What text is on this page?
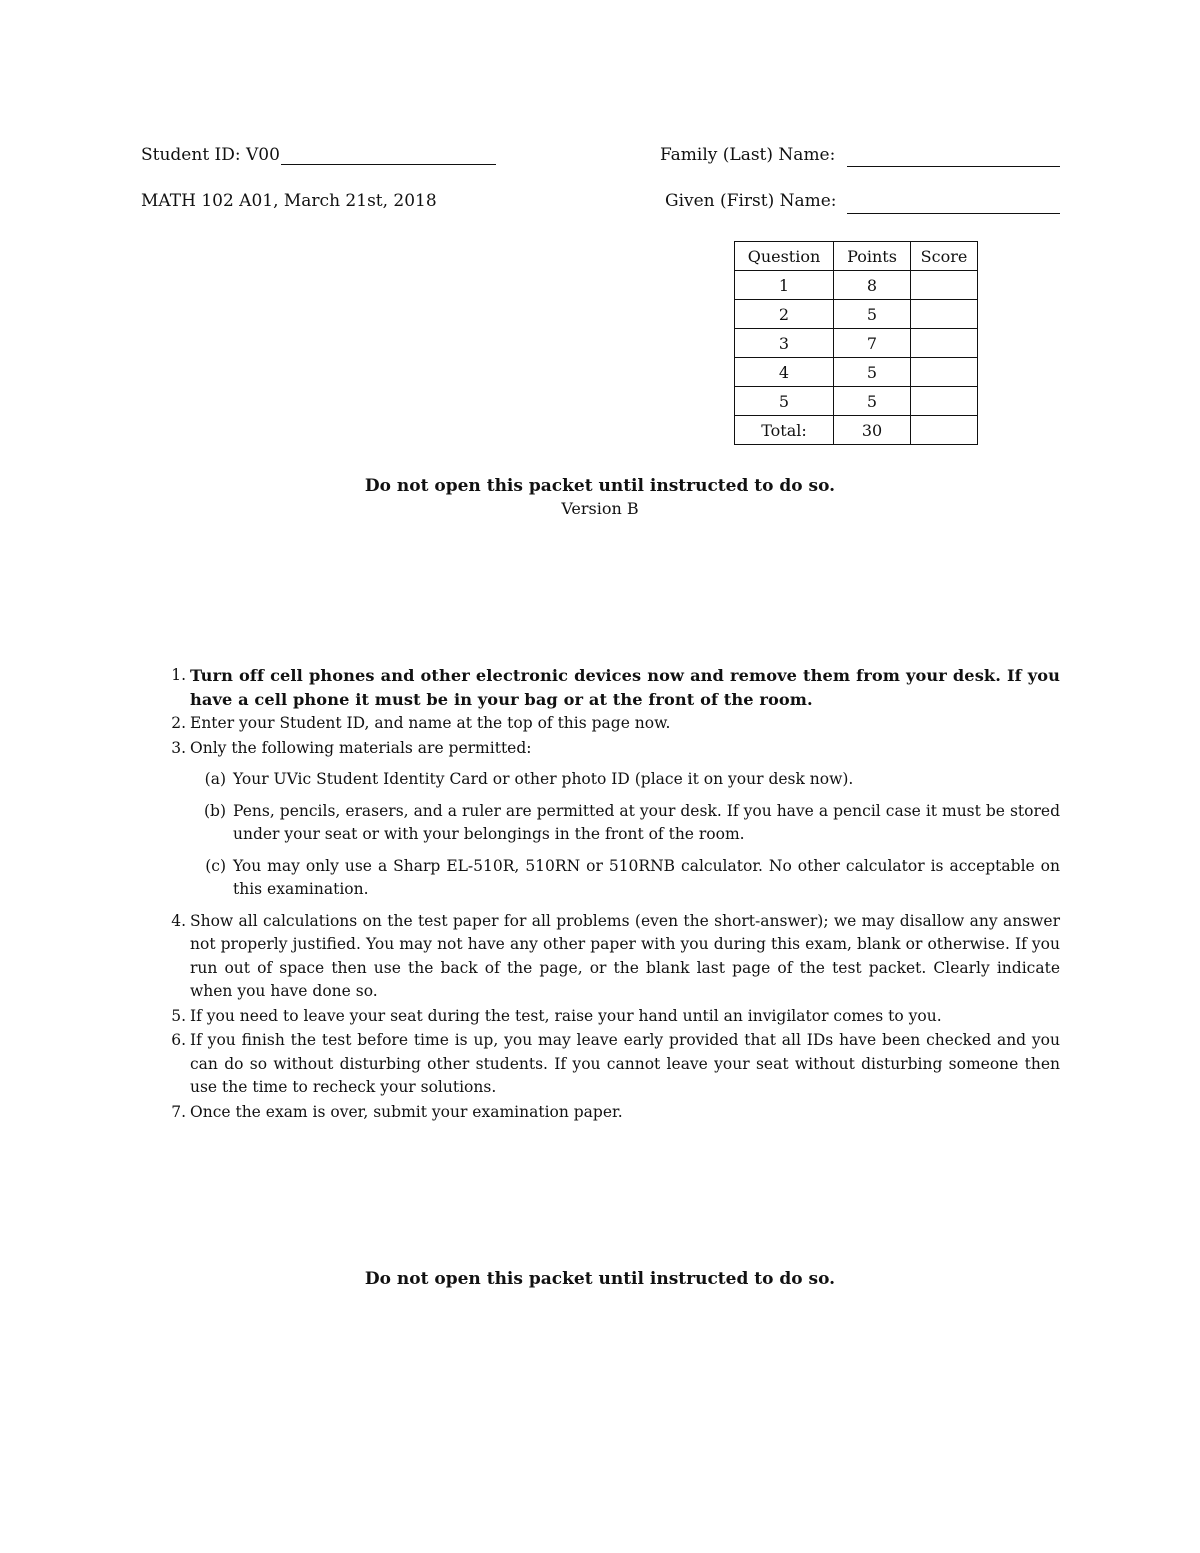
Student ID: V00
MATH 102 A01, March 21st, 2018
Family (Last) Name:
Given (First) Name:
Question	Points	Score
1	8	
2	5	
3	7	
4	5	
5	5	
Total:	30	
Do not open this packet until instructed to do so.
Version B
1. Turn off cell phones and other electronic devices now and remove them from your desk. If you have a cell phone it must be in your bag or at the front of the room.
2. Enter your Student ID, and name at the top of this page now.
3. Only the following materials are permitted:
(a) Your UVic Student Identity Card or other photo ID (place it on your desk now).
(b) Pens, pencils, erasers, and a ruler are permitted at your desk. If you have a pencil case it must be stored under your seat or with your belongings in the front of the room.
(c) You may only use a Sharp EL-510R, 510RN or 510RNB calculator. No other calculator is acceptable on this examination.
4. Show all calculations on the test paper for all problems (even the short-answer); we may disallow any answer not properly justified. You may not have any other paper with you during this exam, blank or otherwise. If you run out of space then use the back of the page, or the blank last page of the test packet. Clearly indicate when you have done so.
5. If you need to leave your seat during the test, raise your hand until an invigilator comes to you.
6. If you finish the test before time is up, you may leave early provided that all IDs have been checked and you can do so without disturbing other students. If you cannot leave your seat without disturbing someone then use the time to recheck your solutions.
7. Once the exam is over, submit your examination paper.
Do not open this packet until instructed to do so.
